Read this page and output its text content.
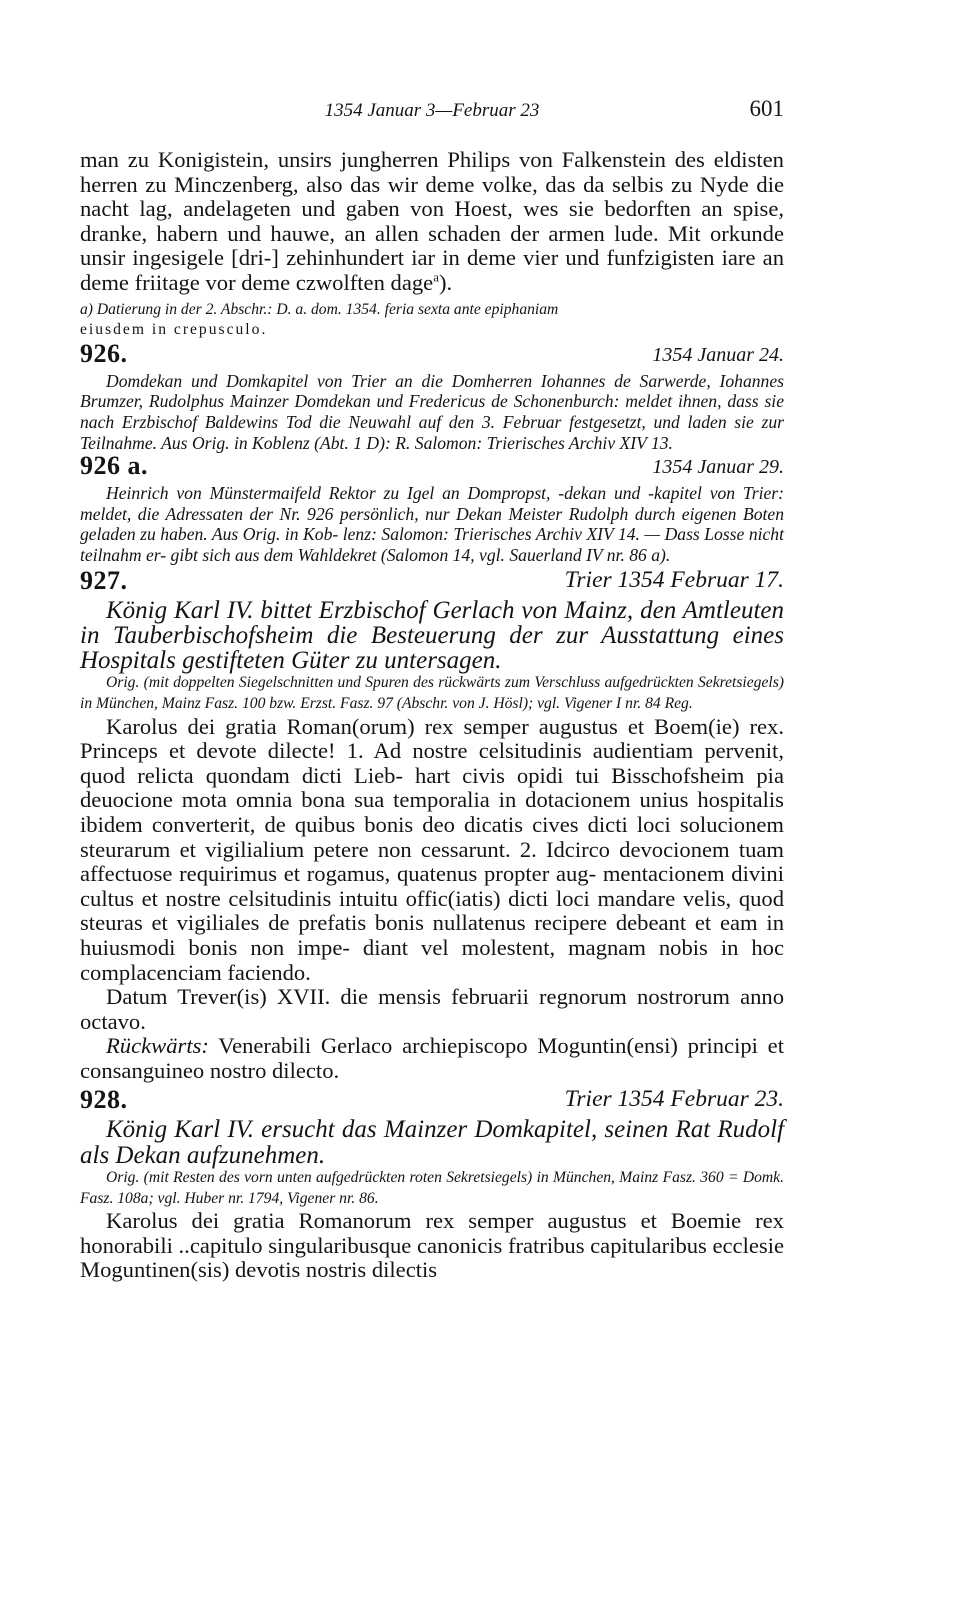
1354 Januar 3—Februar 23	601

man zu Konigistein, unsirs jungherren Philips von Falkenstein des eldisten herren zu Minczenberg, also das wir deme volke, das da selbis zu Nyde die nacht lag, andelageten und gaben von Hoest, wes sie bedorften an spise, dranke, habern und hauwe, an allen schaden der armen lude. Mit orkunde unsir ingesigele [dri-] zehinhundert iar in deme vier und funfzigisten iare an deme friitage vor deme czwolften dage$^a$).

a) Datierung in der 2. Abschr.: D. a. dom. 1354. feria sexta ante epiphaniam
eiusdem in crepusculo.
926.	1354 Januar 24.

Domdekan und Domkapitel von Trier an die Domherren Iohannes de Sarwerde, Iohannes Brumzer, Rudolphus Mainzer Domdekan und Fredericus de Schonenburch: meldet ihnen, dass sie nach Erzbischof Baldewins Tod die Neuwahl auf den 3. Februar festgesetzt, und laden sie zur Teilnahme. Aus Orig. in Koblenz (Abt. 1 D): R. Salomon: Trierisches Archiv XIV 13.

926 a.	1354 Januar 29.

Heinrich von Münstermaifeld Rektor zu Igel an Dompropst, -dekan und -kapitel von Trier: meldet, die Adressaten der Nr. 926 persönlich, nur Dekan Meister Rudolph durch eigenen Boten geladen zu haben. Aus Orig. in Kob- lenz: Salomon: Trierisches Archiv XIV 14. — Dass Losse nicht teilnahm er- gibt sich aus dem Wahldekret (Salomon 14, vgl. Sauerland IV nr. 86 a).

927.	Trier 1354 Februar 17.

König Karl IV. bittet Erzbischof Gerlach von Mainz, den Amtleuten in Tauberbischofsheim die Besteuerung der zur Ausstattung eines Hospitals gestifteten Güter zu untersagen.

Orig. (mit doppelten Siegelschnitten und Spuren des rückwärts zum Verschluss aufgedrückten Sekretsiegels) in München, Mainz Fasz. 100 bzw. Erzst. Fasz. 97 (Abschr. von J. Hösl); vgl. Vigener I nr. 84 Reg.

Karolus dei gratia Roman(orum) rex semper augustus et Boem(ie) rex. Princeps et devote dilecte! 1. Ad nostre celsitudinis audientiam pervenit, quod relicta quondam dicti Lieb- hart civis opidi tui Bisschofsheim pia deuocione mota omnia bona sua temporalia in dotacionem unius hospitalis ibidem converterit, de quibus bonis deo dicatis cives dicti loci solucionem steurarum et vigilialium petere non cessarunt. 2. Idcirco devocionem tuam affectuose requirimus et rogamus, quatenus propter aug- mentacionem divini cultus et nostre celsitudinis intuitu offic(iatis) dicti loci mandare velis, quod steuras et vigiliales de prefatis bonis nullatenus recipere debeant et eam in huiusmodi bonis non impe- diant vel molestent, magnam nobis in hoc complacenciam faciendo.

Datum Trever(is) XVII. die mensis februarii regnorum nostrorum anno octavo.

Rückwärts: Venerabili Gerlaco archiepiscopo Moguntin(ensi) principi et consanguineo nostro dilecto.

928.	Trier 1354 Februar 23.

König Karl IV. ersucht das Mainzer Domkapitel, seinen Rat Rudolf als Dekan aufzunehmen.

Orig. (mit Resten des vorn unten aufgedrückten roten Sekretsiegels) in München, Mainz Fasz. 360 = Domk. Fasz. 108a; vgl. Huber nr. 1794, Vigener nr. 86.

Karolus dei gratia Romanorum rex semper augustus et Boemie rex honorabili ..capitulo singularibusque canonicis fratribus capitularibus ecclesie Moguntinen(sis) devotis nostris dilectis
